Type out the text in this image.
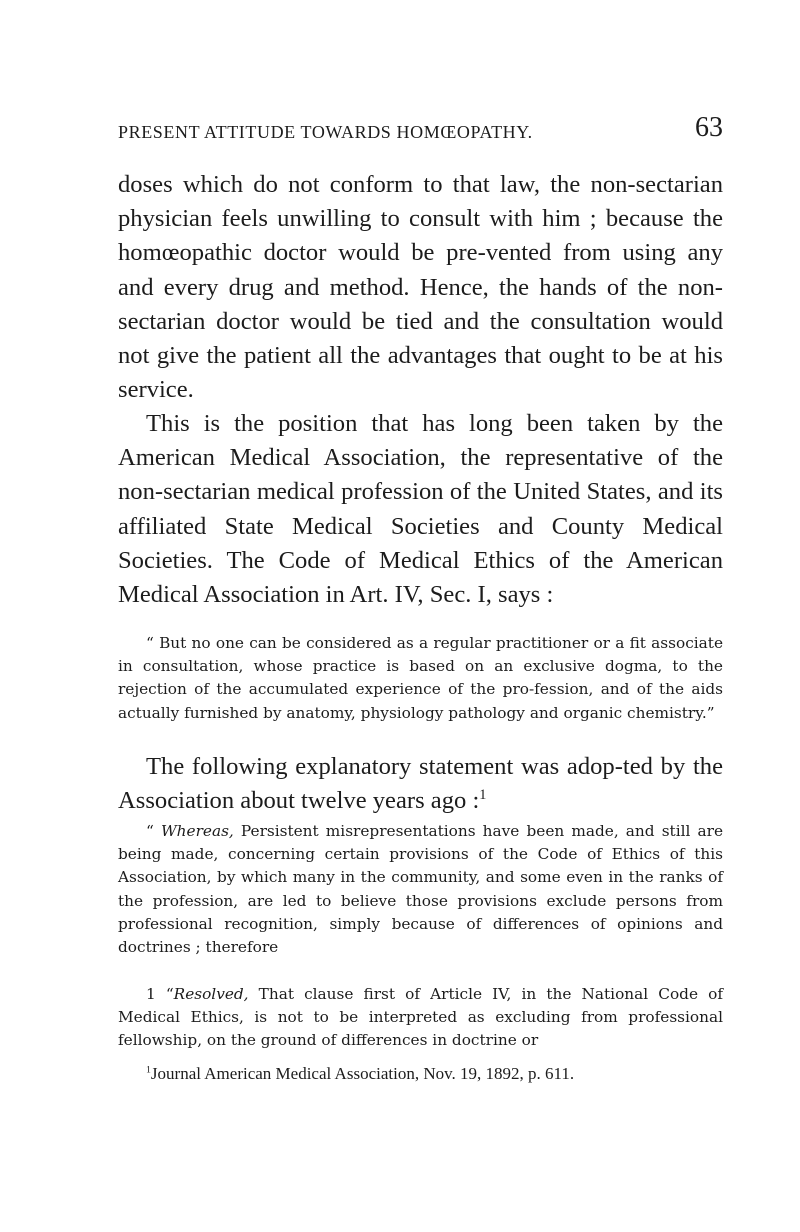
PRESENT ATTITUDE TOWARDS HOMŒOPATHY.	63

doses which do not conform to that law, the non-sectarian physician feels unwilling to consult with him ; because the homœopathic doctor would be pre-vented from using any and every drug and method. Hence, the hands of the non-sectarian doctor would be tied and the consultation would not give the patient all the advantages that ought to be at his service.

This is the position that has long been taken by the American Medical Association, the representative of the non-sectarian medical profession of the United States, and its affiliated State Medical Societies and County Medical Societies. The Code of Medical Ethics of the American Medical Association in Art. IV, Sec. I, says :

“ But no one can be considered as a regular practitioner or a fit associate in consultation, whose practice is based on an exclusive dogma, to the rejection of the accumulated experience of the pro-fession, and of the aids actually furnished by anatomy, physiology pathology and organic chemistry.”

The following explanatory statement was adop-ted by the Association about twelve years ago :$^1$

“ Whereas, Persistent misrepresentations have been made, and still are being made, concerning certain provisions of the Code of Ethics of this Association, by which many in the community, and some even in the ranks of the profession, are led to believe those provisions exclude persons from professional recognition, simply because of differences of opinions and doctrines ; therefore

1 “Resolved, That clause first of Article IV, in the National Code of Medical Ethics, is not to be interpreted as excluding from professional fellowship, on the ground of differences in doctrine or

$^1$Journal American Medical Association, Nov. 19, 1892, p. 611.
